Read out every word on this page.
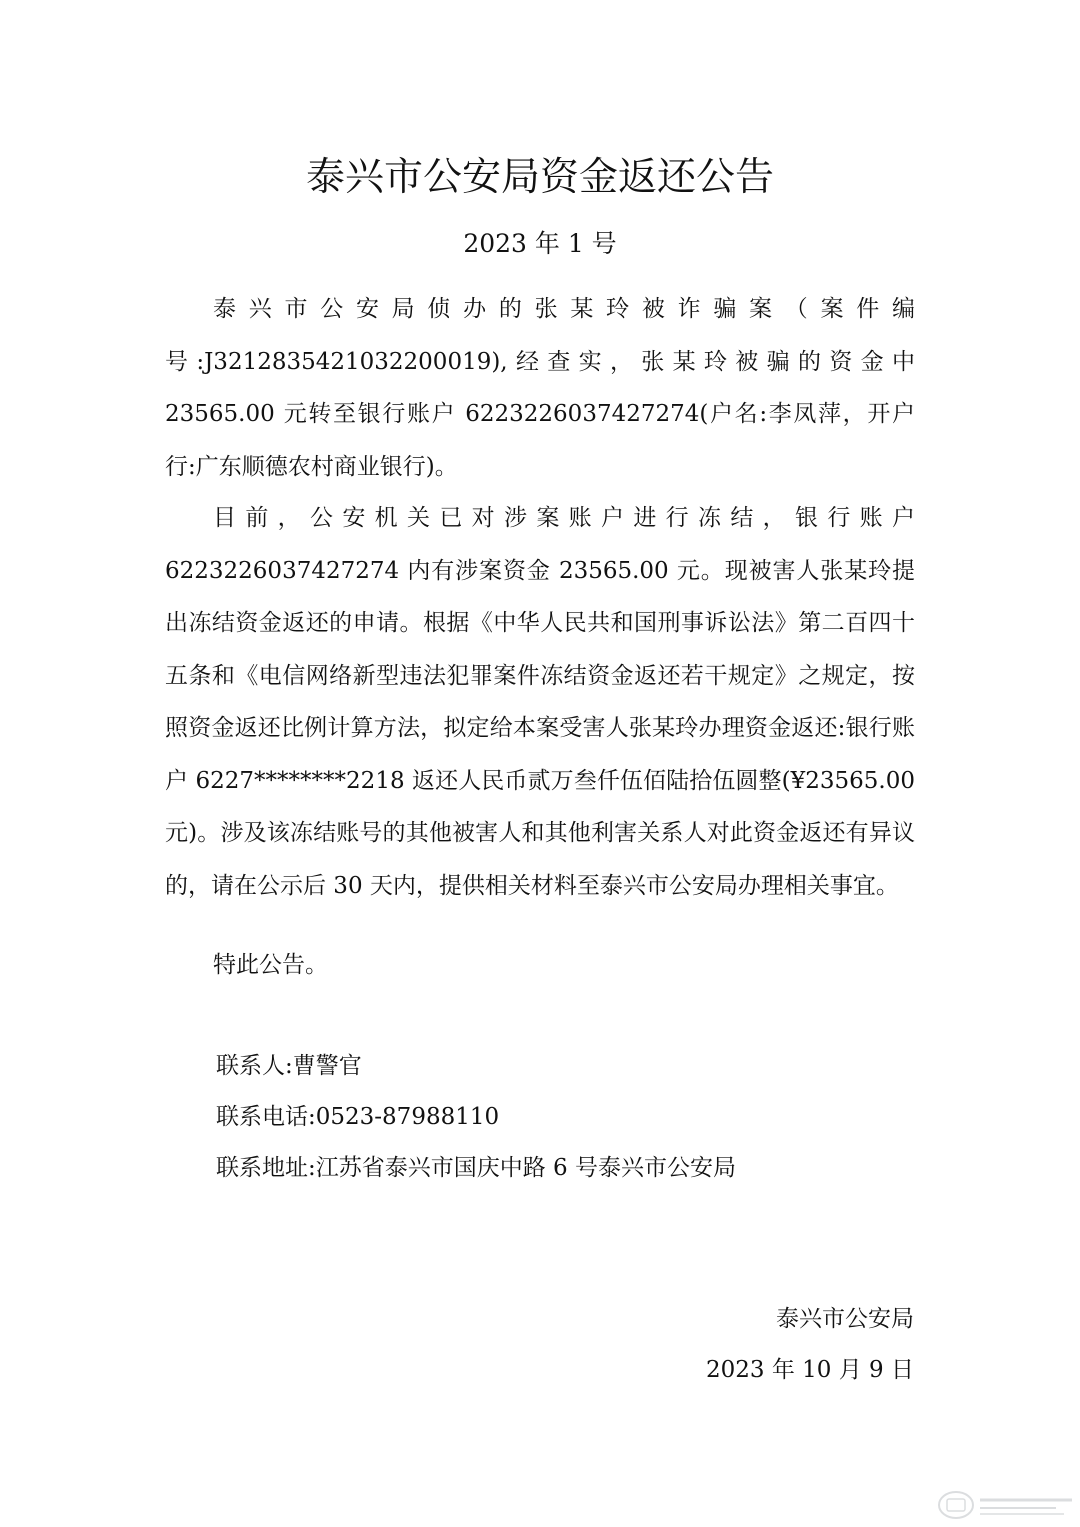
泰兴市公安局资金返还公告
2023 年 1 号

泰兴市公安局侦办的张某玲被诈骗案（案件编号:J3212835421032200019),经查实，张某玲被骗的资金中 23565.00 元转至银行账户 6223226037427274(户名:李凤萍，开户行:广东顺德农村商业银行)。

目前，公安机关已对涉案账户进行冻结，银行账户 6223226037427274 内有涉案资金 23565.00 元。现被害人张某玲提出冻结资金返还的申请。根据《中华人民共和国刑事诉讼法》第二百四十五条和《电信网络新型违法犯罪案件冻结资金返还若干规定》之规定，按照资金返还比例计算方法，拟定给本案受害人张某玲办理资金返还:银行账户 6227********2218 返还人民币贰万叁仟伍佰陆拾伍圆整(¥23565.00 元)。涉及该冻结账号的其他被害人和其他利害关系人对此资金返还有异议的，请在公示后 30 天内，提供相关材料至泰兴市公安局办理相关事宜。

特此公告。

联系人:曹警官
联系电话:0523-87988110
联系地址:江苏省泰兴市国庆中路 6 号泰兴市公安局
泰兴市公安局
2023 年 10 月 9 日
